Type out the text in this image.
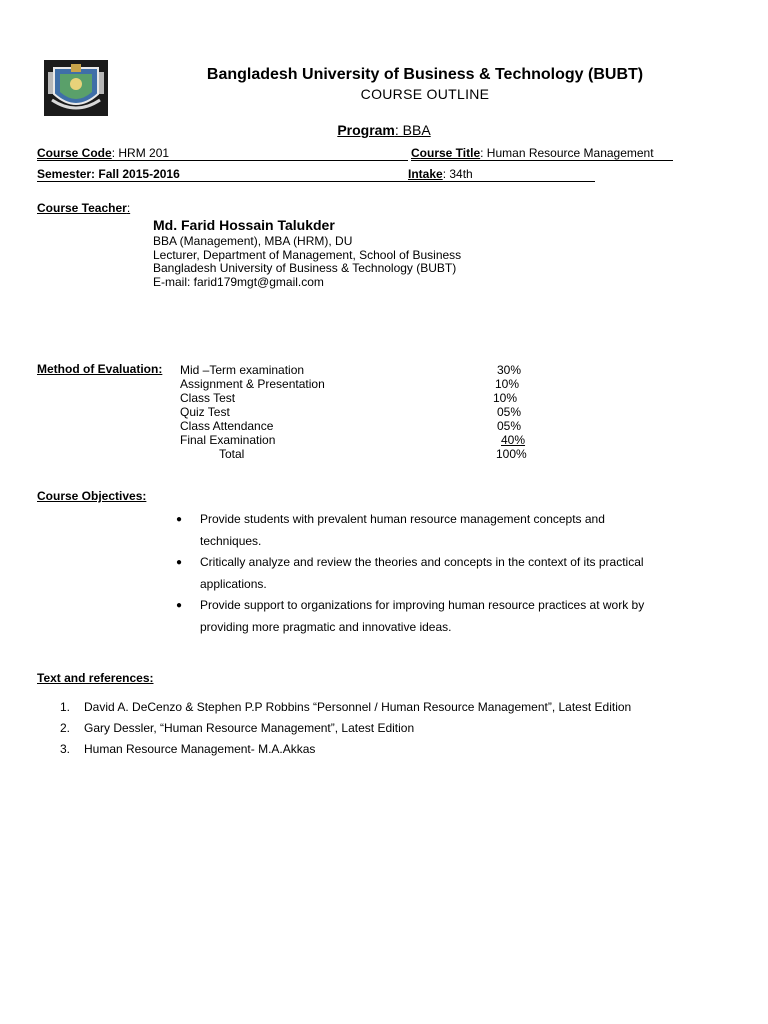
Bangladesh University of Business & Technology (BUBT)
COURSE OUTLINE
Program: BBA
Course Code: HRM 201	Course Title: Human Resource Management
Semester: Fall 2015-2016	Intake: 34th
Course Teacher:
Md. Farid Hossain Talukder
BBA (Management), MBA (HRM), DU
Lecturer, Department of Management, School of Business
Bangladesh University of Business & Technology (BUBT)
E-mail: farid179mgt@gmail.com
Method of Evaluation: Mid –Term examination	30%
Assignment & Presentation	10%
Class Test	10%
Quiz Test	05%
Class Attendance	05%
Final Examination	40%
Total	100%
Course Objectives:
● Provide students with prevalent human resource management concepts and techniques.
● Critically analyze and review the theories and concepts in the context of its practical applications.
● Provide support to organizations for improving human resource practices at work by providing more pragmatic and innovative ideas.
Text and references:
1. David A. DeCenzo & Stephen P.P Robbins “Personnel / Human Resource Management”, Latest Edition
2. Gary Dessler, “Human Resource Management”, Latest Edition
3. Human Resource Management- M.A.Akkas
